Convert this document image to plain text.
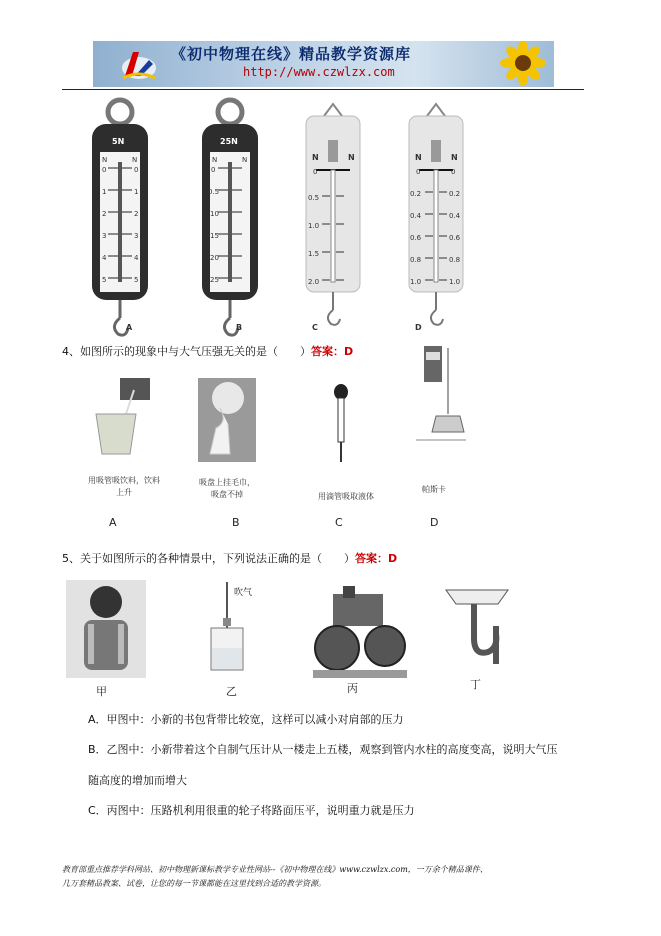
《初中物理在线》精品教学资源库
http://www.czwlzx.com
5N
N	N
0
1
2
3
4
5
0
1
2
3
4
5
A
25N
N	N
0
0.5
10
15
20
25
B
N	N
0
0.5
1.0
1.5
2.0
C
N	N
0
0.2
0.4
0.6
0.8
1.0
0
0.2
0.4
0.6
0.8
1.0
D
4、如图所示的现象中与大气压强无关的是（　　）答案：D
用吸管吸饮料，饮料上升
吸盘上挂毛巾，吸盘不掉	用滴管吸取液体
帕斯卡
A	B	C	D
5、关于如图所示的各种情景中，下列说法正确的是（　　）答案：D
吹气
甲	乙	丙	丁
A．甲图中：小新的书包背带比较宽，这样可以减小对肩部的压力
B．乙图中：小新带着这个自制气压计从一楼走上五楼，观察到管内水柱的高度变高，说明大气压
随高度的增加而增大
C．丙图中：压路机利用很重的轮子将路面压平，说明重力就是压力
教育部重点推荐学科网站、初中物理新课标教学专业性网站--《初中物理在线》www.czwlzx.com，一万余个精品课件、
几万套精品教案、试卷，让您的每一节课都能在这里找到合适的教学资源。
